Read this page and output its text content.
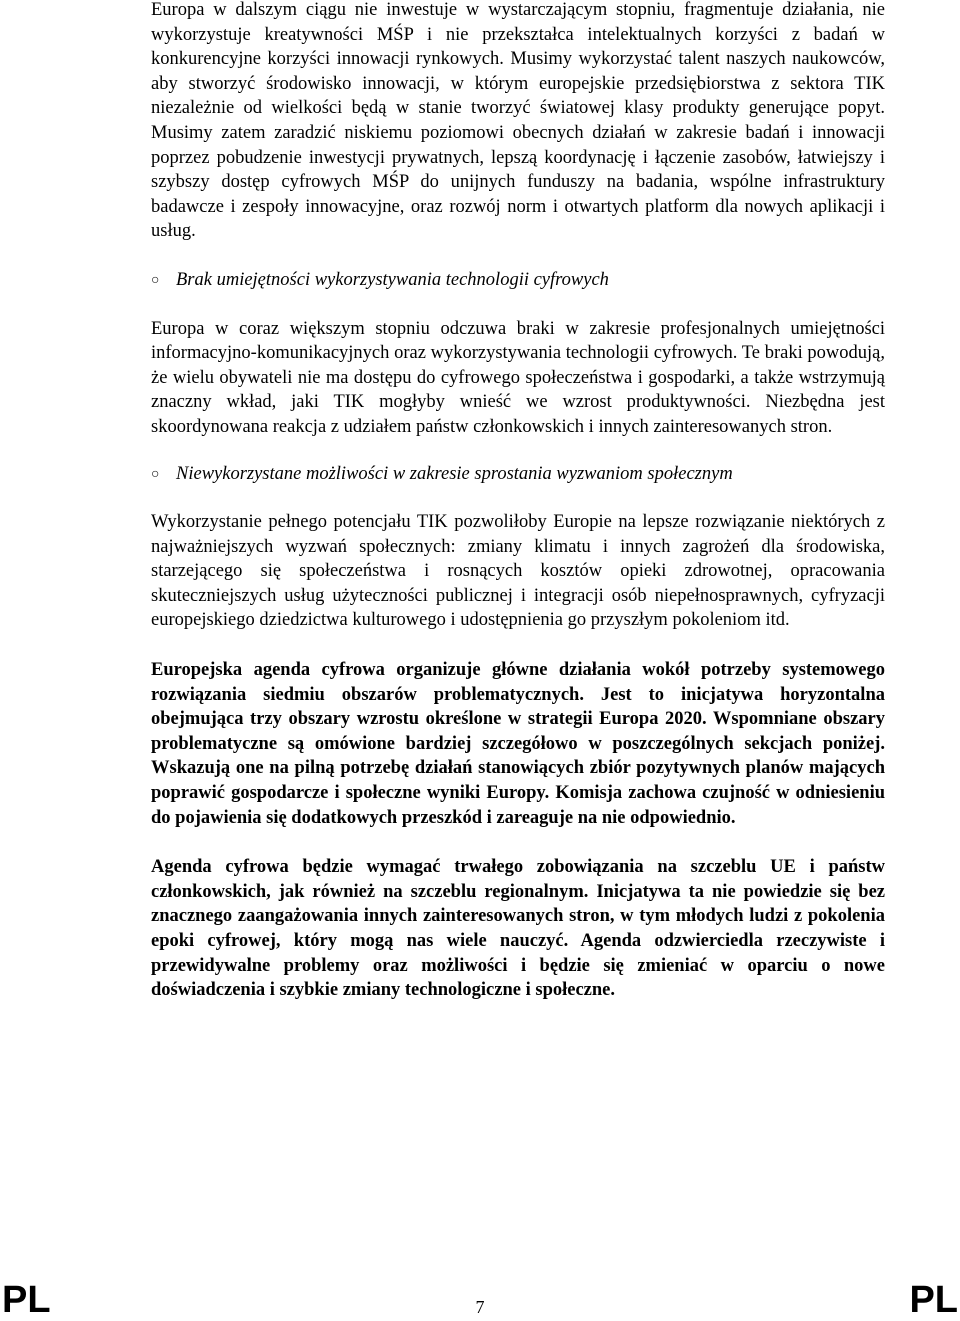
Europa w dalszym ciągu nie inwestuje w wystarczającym stopniu, fragmentuje działania, nie wykorzystuje kreatywności MŚP i nie przekształca intelektualnych korzyści z badań w konkurencyjne korzyści innowacji rynkowych. Musimy wykorzystać talent naszych naukowców, aby stworzyć środowisko innowacji, w którym europejskie przedsiębiorstwa z sektora TIK niezależnie od wielkości będą w stanie tworzyć światowej klasy produkty generujące popyt. Musimy zatem zaradzić niskiemu poziomowi obecnych działań w zakresie badań i innowacji poprzez pobudzenie inwestycji prywatnych, lepszą koordynację i łączenie zasobów, łatwiejszy i szybszy dostęp cyfrowych MŚP do unijnych funduszy na badania, wspólne infrastruktury badawcze i zespoły innowacyjne, oraz rozwój norm i otwartych platform dla nowych aplikacji i usług.

○ Brak umiejętności wykorzystywania technologii cyfrowych

Europa w coraz większym stopniu odczuwa braki w zakresie profesjonalnych umiejętności informacyjno-komunikacyjnych oraz wykorzystywania technologii cyfrowych. Te braki powodują, że wielu obywateli nie ma dostępu do cyfrowego społeczeństwa i gospodarki, a także wstrzymują znaczny wkład, jaki TIK mogłyby wnieść we wzrost produktywności. Niezbędna jest skoordynowana reakcja z udziałem państw członkowskich i innych zainteresowanych stron.

○ Niewykorzystane możliwości w zakresie sprostania wyzwaniom społecznym

Wykorzystanie pełnego potencjału TIK pozwoliłoby Europie na lepsze rozwiązanie niektórych z najważniejszych wyzwań społecznych: zmiany klimatu i innych zagrożeń dla środowiska, starzejącego się społeczeństwa i rosnących kosztów opieki zdrowotnej, opracowania skuteczniejszych usług użyteczności publicznej i integracji osób niepełnosprawnych, cyfryzacji europejskiego dziedzictwa kulturowego i udostępnienia go przyszłym pokoleniom itd.

Europejska agenda cyfrowa organizuje główne działania wokół potrzeby systemowego rozwiązania siedmiu obszarów problematycznych. Jest to inicjatywa horyzontalna obejmująca trzy obszary wzrostu określone w strategii Europa 2020. Wspomniane obszary problematyczne są omówione bardziej szczegółowo w poszczególnych sekcjach poniżej. Wskazują one na pilną potrzebę działań stanowiących zbiór pozytywnych planów mających poprawić gospodarcze i społeczne wyniki Europy. Komisja zachowa czujność w odniesieniu do pojawienia się dodatkowych przeszkód i zareaguje na nie odpowiednio.

Agenda cyfrowa będzie wymagać trwałego zobowiązania na szczeblu UE i państw członkowskich, jak również na szczeblu regionalnym. Inicjatywa ta nie powiedzie się bez znacznego zaangażowania innych zainteresowanych stron, w tym młodych ludzi z pokolenia epoki cyfrowej, który mogą nas wiele nauczyć. Agenda odzwierciedla rzeczywiste i przewidywalne problemy oraz możliwości i będzie się zmieniać w oparciu o nowe doświadczenia i szybkie zmiany technologiczne i społeczne.

PL	7	PL
